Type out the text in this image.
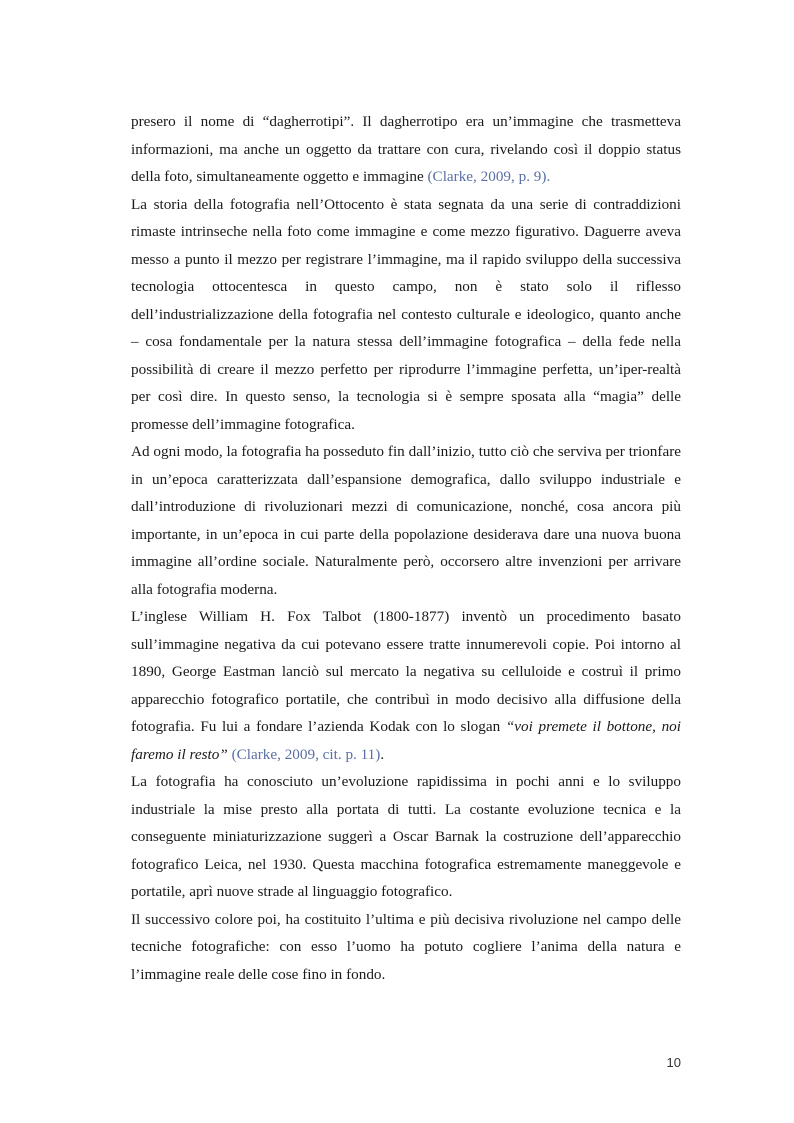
presero il nome di “dagherrotipi”. Il dagherrotipo era un’immagine che trasmetteva informazioni, ma anche un oggetto da trattare con cura, rivelando così il doppio status della foto, simultaneamente oggetto e immagine (Clarke, 2009, p. 9).

La storia della fotografia nell’Ottocento è stata segnata da una serie di contraddizioni rimaste intrinseche nella foto come immagine e come mezzo figurativo. Daguerre aveva messo a punto il mezzo per registrare l’immagine, ma il rapido sviluppo della successiva tecnologia ottocentesca in questo campo, non è stato solo il riflesso dell’industrializzazione della fotografia nel contesto culturale e ideologico, quanto anche – cosa fondamentale per la natura stessa dell’immagine fotografica – della fede nella possibilità di creare il mezzo perfetto per riprodurre l’immagine perfetta, un’iper-realtà per così dire. In questo senso, la tecnologia si è sempre sposata alla “magia” delle promesse dell’immagine fotografica.

Ad ogni modo, la fotografia ha posseduto fin dall’inizio, tutto ciò che serviva per trionfare in un’epoca caratterizzata dall’espansione demografica, dallo sviluppo industriale e dall’introduzione di rivoluzionari mezzi di comunicazione, nonché, cosa ancora più importante, in un’epoca in cui parte della popolazione desiderava dare una nuova buona immagine all’ordine sociale. Naturalmente però, occorsero altre invenzioni per arrivare alla fotografia moderna.

L’inglese William H. Fox Talbot (1800-1877) inventò un procedimento basato sull’immagine negativa da cui potevano essere tratte innumerevoli copie. Poi intorno al 1890, George Eastman lanciò sul mercato la negativa su celluloide e costruì il primo apparecchio fotografico portatile, che contribuì in modo decisivo alla diffusione della fotografia. Fu lui a fondare l’azienda Kodak con lo slogan “voi premete il bottone, noi faremo il resto” (Clarke, 2009, cit. p. 11).

La fotografia ha conosciuto un’evoluzione rapidissima in pochi anni e lo sviluppo industriale la mise presto alla portata di tutti. La costante evoluzione tecnica e la conseguente miniaturizzazione suggerì a Oscar Barnak la costruzione dell’apparecchio fotografico Leica, nel 1930. Questa macchina fotografica estremamente maneggevole e portatile, aprì nuove strade al linguaggio fotografico.

Il successivo colore poi, ha costituito l’ultima e più decisiva rivoluzione nel campo delle tecniche fotografiche: con esso l’uomo ha potuto cogliere l’anima della natura e l’immagine reale delle cose fino in fondo.

10
